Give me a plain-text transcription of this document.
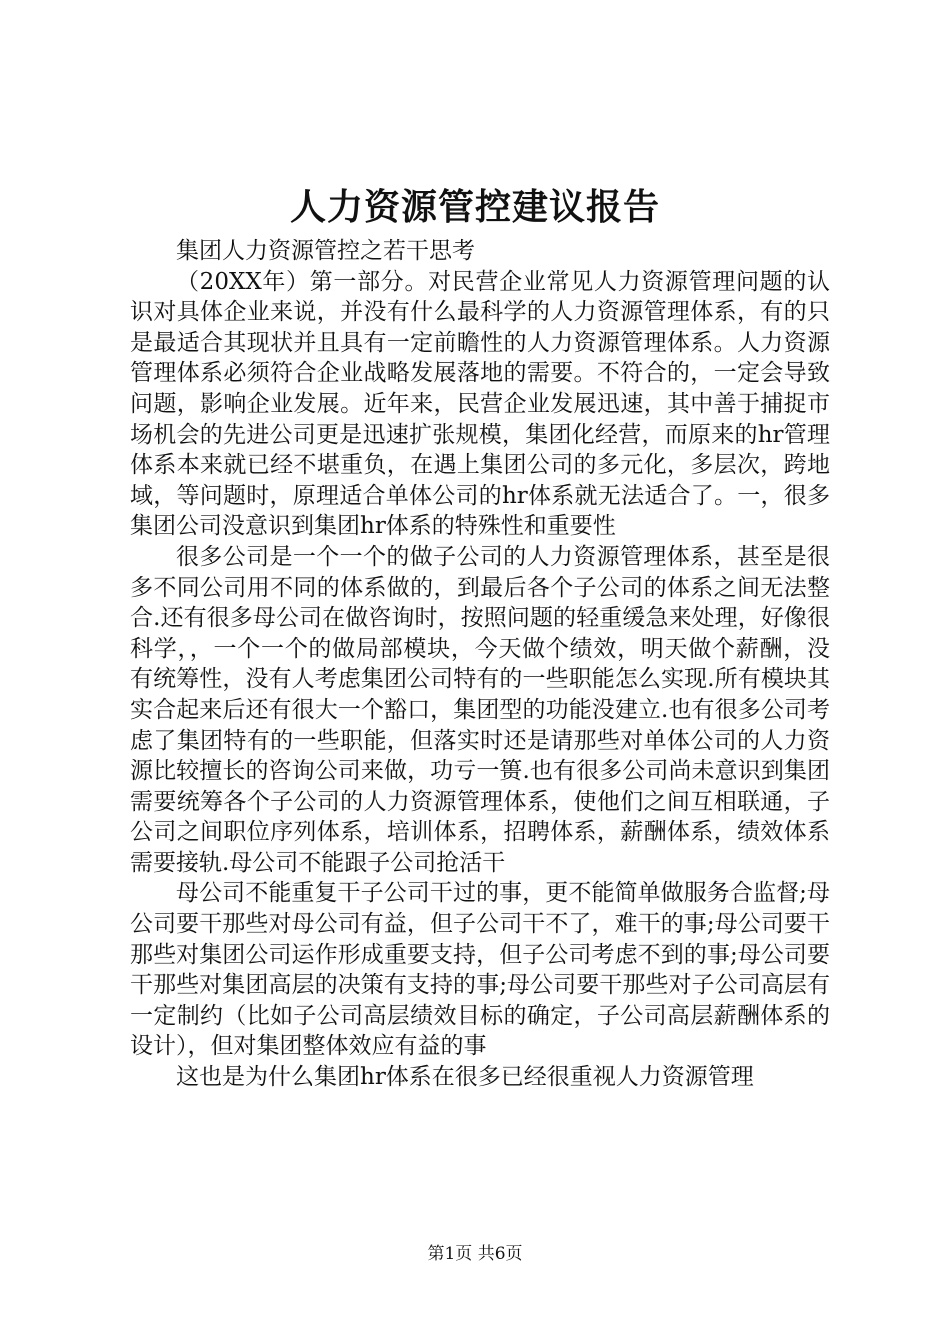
人力资源管控建议报告

集团人力资源管控之若干思考

（20XX年）第一部分。对民营企业常见人力资源管理问题的认识对具体企业来说，并没有什么最科学的人力资源管理体系，有的只是最适合其现状并且具有一定前瞻性的人力资源管理体系。人力资源管理体系必须符合企业战略发展落地的需要。不符合的，一定会导致问题，影响企业发展。近年来，民营企业发展迅速，其中善于捕捉市场机会的先进公司更是迅速扩张规模，集团化经营，而原来的hr管理体系本来就已经不堪重负，在遇上集团公司的多元化，多层次，跨地域，等问题时，原理适合单体公司的hr体系就无法适合了。一，很多集团公司没意识到集团hr体系的特殊性和重要性

很多公司是一个一个的做子公司的人力资源管理体系，甚至是很多不同公司用不同的体系做的，到最后各个子公司的体系之间无法整合.还有很多母公司在做咨询时，按照问题的轻重缓急来处理，好像很科学，，一个一个的做局部模块，今天做个绩效，明天做个薪酬，没有统筹性，没有人考虑集团公司特有的一些职能怎么实现.所有模块其实合起来后还有很大一个豁口，集团型的功能没建立.也有很多公司考虑了集团特有的一些职能，但落实时还是请那些对单体公司的人力资源比较擅长的咨询公司来做，功亏一篑.也有很多公司尚未意识到集团需要统筹各个子公司的人力资源管理体系，使他们之间互相联通，子公司之间职位序列体系，培训体系，招聘体系，薪酬体系，绩效体系需要接轨.母公司不能跟子公司抢活干

母公司不能重复干子公司干过的事，更不能简单做服务合监督;母公司要干那些对母公司有益，但子公司干不了，难干的事;母公司要干那些对集团公司运作形成重要支持，但子公司考虑不到的事;母公司要干那些对集团高层的决策有支持的事;母公司要干那些对子公司高层有一定制约（比如子公司高层绩效目标的确定，子公司高层薪酬体系的设计），但对集团整体效应有益的事

这也是为什么集团hr体系在很多已经很重视人力资源管理

第1页 共6页
